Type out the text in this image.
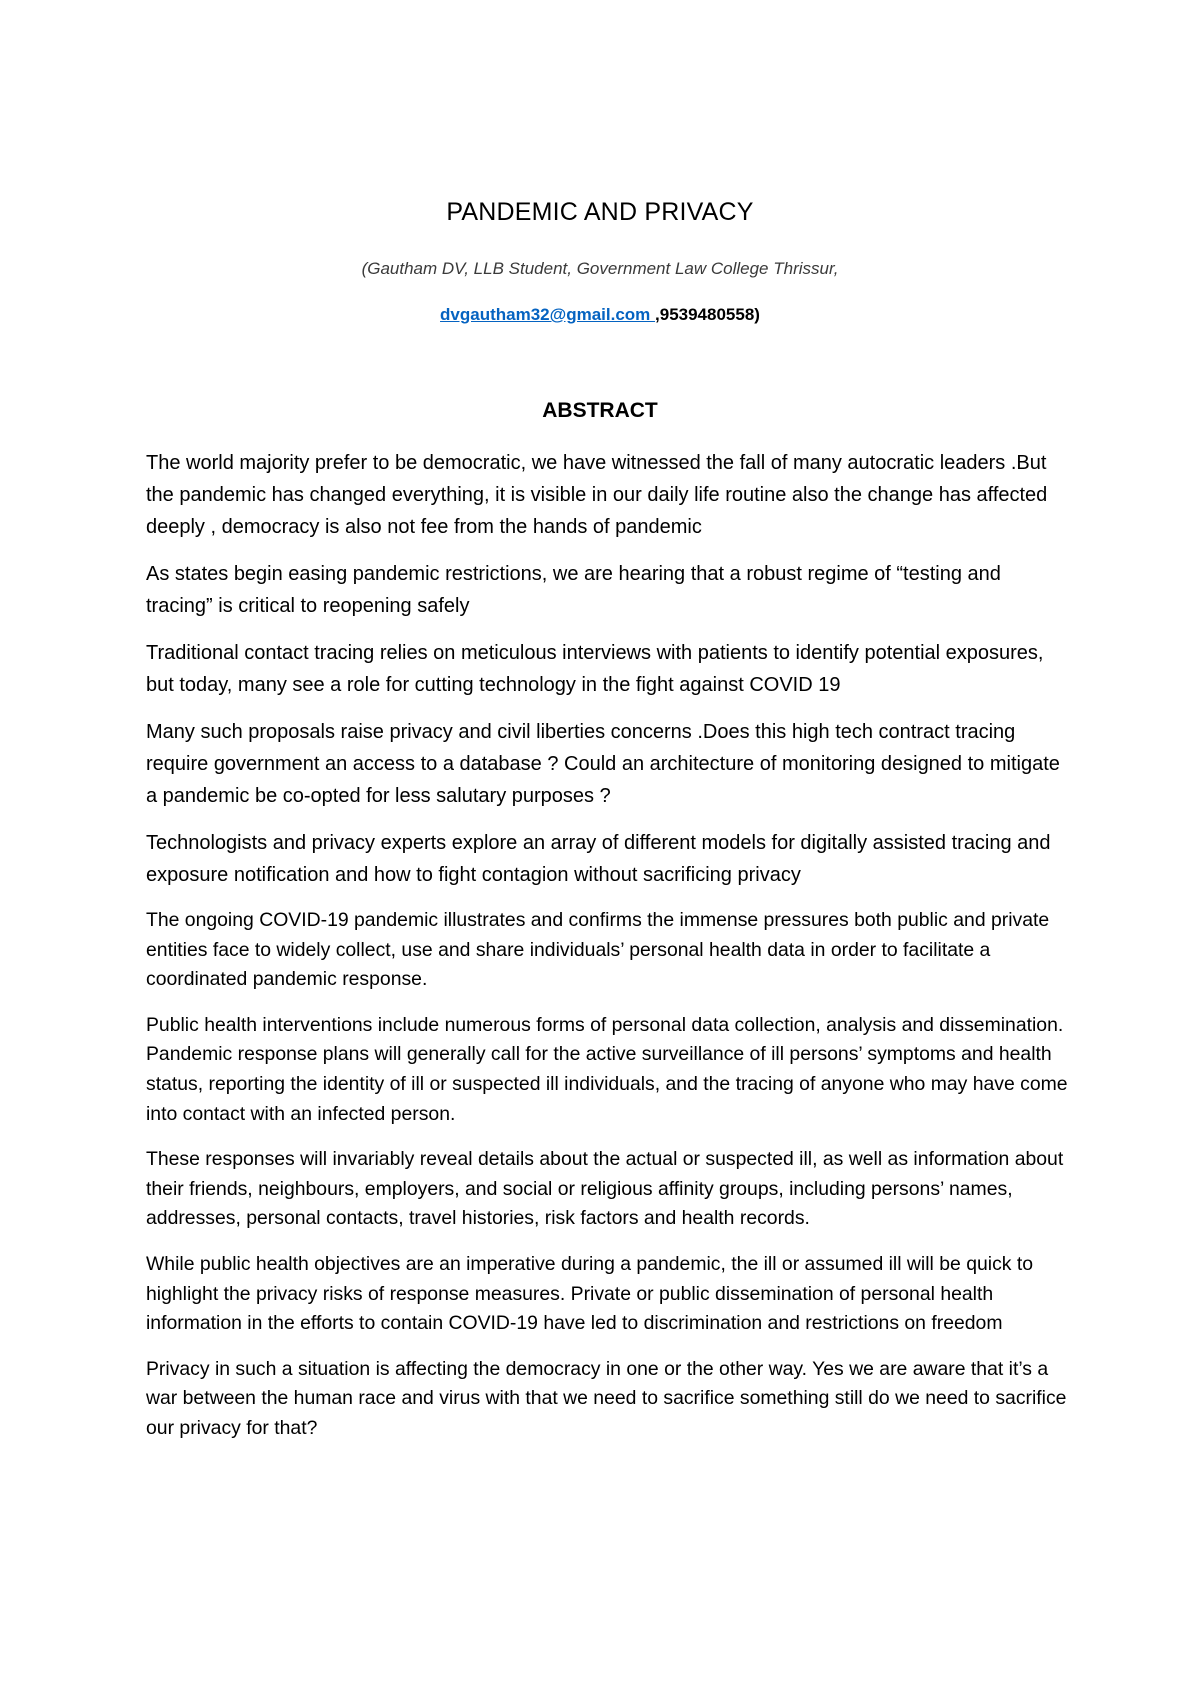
PANDEMIC AND PRIVACY

(Gautham DV, LLB Student, Government Law College Thrissur,

dvgautham32@gmail.com ,9539480558)

ABSTRACT

The world majority prefer to be democratic, we have witnessed the fall of many autocratic leaders .But the pandemic has changed everything, it is visible in our daily life routine also the change has affected deeply , democracy is also not fee from the hands of pandemic

As states begin easing pandemic restrictions, we are hearing that a robust regime of “testing and tracing” is critical to reopening safely

Traditional contact tracing relies on meticulous interviews with patients to identify potential exposures, but today, many see a role for cutting technology in the fight against COVID 19

Many such proposals raise privacy and civil liberties concerns .Does this high tech contract tracing require government an access to a database ? Could an architecture of monitoring designed to mitigate a pandemic be co-opted for less salutary purposes ?

Technologists and privacy experts explore an array of different models for digitally assisted tracing and exposure notification and how to fight contagion without sacrificing privacy

The ongoing COVID-19 pandemic illustrates and confirms the immense pressures both public and private entities face to widely collect, use and share individuals’ personal health data in order to facilitate a coordinated pandemic response.

Public health interventions include numerous forms of personal data collection, analysis and dissemination. Pandemic response plans will generally call for the active surveillance of ill persons’ symptoms and health status, reporting the identity of ill or suspected ill individuals, and the tracing of anyone who may have come into contact with an infected person.

These responses will invariably reveal details about the actual or suspected ill, as well as information about their friends, neighbours, employers, and social or religious affinity groups, including persons’ names, addresses, personal contacts, travel histories, risk factors and health records.

While public health objectives are an imperative during a pandemic, the ill or assumed ill will be quick to highlight the privacy risks of response measures. Private or public dissemination of personal health information in the efforts to contain COVID-19 have led to discrimination and restrictions on freedom

Privacy in such a situation is affecting the democracy in one or the other way. Yes we are aware that it’s a war between the human race and virus with that we need to sacrifice something still do we need to sacrifice our privacy for that?
